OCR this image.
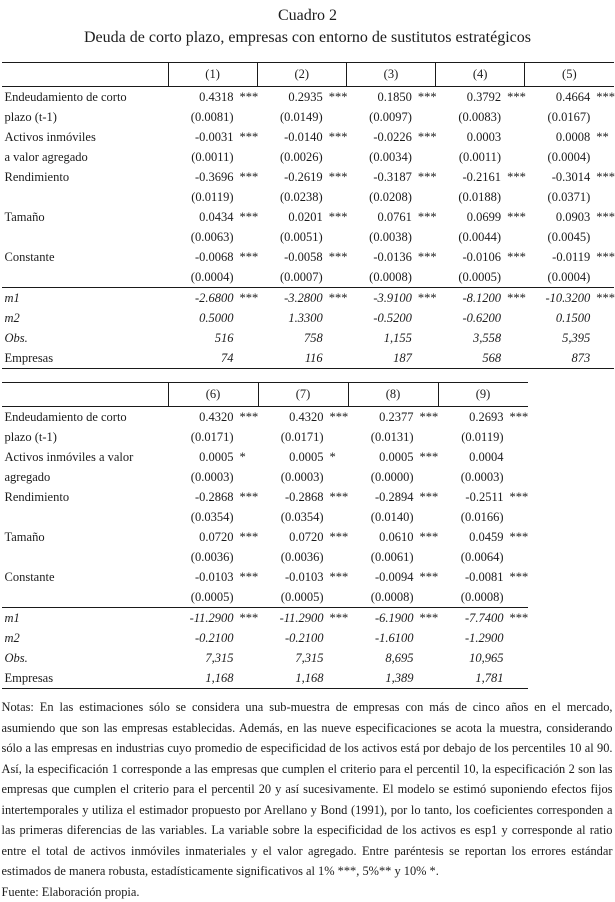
Cuadro 2
Deuda de corto plazo, empresas con entorno de sustitutos estratégicos
(1)	(2)	(3)	(4)	(5)
Endeudamiento de corto	0.4318 ***	0.2935 ***	0.1850 ***	0.3792 ***	0.4664 ***
plazo (t-1)	(0.0081)	(0.0149)	(0.0097)	(0.0083)	(0.0167)
Activos inmóviles	-0.0031 ***	-0.0140 ***	-0.0226 ***	0.0003	0.0008 **
a valor agregado	(0.0011)	(0.0026)	(0.0034)	(0.0011)	(0.0004)
Rendimiento	-0.3696 ***	-0.2619 ***	-0.3187 ***	-0.2161 ***	-0.3014 ***
(0.0119)	(0.0238)	(0.0208)	(0.0188)	(0.0371)
Tamaño	0.0434 ***	0.0201 ***	0.0761 ***	0.0699 ***	0.0903 ***
(0.0063)	(0.0051)	(0.0038)	(0.0044)	(0.0045)
Constante	-0.0068 ***	-0.0058 ***	-0.0136 ***	-0.0106 ***	-0.0119 ***
(0.0004)	(0.0007)	(0.0008)	(0.0005)	(0.0004)
m1	-2.6800 ***	-3.2800 ***	-3.9100 ***	-8.1200 ***	-10.3200 ***
m2	0.5000	1.3300	-0.5200	-0.6200	0.1500
Obs.	516	758	1,155	3,558	5,395
Empresas	74	116	187	568	873
(6)	(7)	(8)	(9)
Endeudamiento de corto	0.4320 ***	0.4320 ***	0.2377 ***	0.2693 ***
plazo (t-1)	(0.0171)	(0.0171)	(0.0131)	(0.0119)
Activos inmóviles a valor	0.0005 *	0.0005 *	0.0005 ***	0.0004
agregado	(0.0003)	(0.0003)	(0.0000)	(0.0003)
Rendimiento	-0.2868 ***	-0.2868 ***	-0.2894 ***	-0.2511 ***
(0.0354)	(0.0354)	(0.0140)	(0.0166)
Tamaño	0.0720 ***	0.0720 ***	0.0610 ***	0.0459 ***
(0.0036)	(0.0036)	(0.0061)	(0.0064)
Constante	-0.0103 ***	-0.0103 ***	-0.0094 ***	-0.0081 ***
(0.0005)	(0.0005)	(0.0008)	(0.0008)
m1	-11.2900 ***	-11.2900 ***	-6.1900 ***	-7.7400 ***
m2	-0.2100	-0.2100	-1.6100	-1.2900
Obs.	7,315	7,315	8,695	10,965
Empresas	1,168	1,168	1,389	1,781
Notas: En las estimaciones sólo se considera una sub-muestra de empresas con más de cinco años en el mercado, asumiendo que son las empresas establecidas. Además, en las nueve especificaciones se acota la muestra, considerando sólo a las empresas en industrias cuyo promedio de especificidad de los activos está por debajo de los percentiles 10 al 90. Así, la especificación 1 corresponde a las empresas que cumplen el criterio para el percentil 10, la especificación 2 son las empresas que cumplen el criterio para el percentil 20 y así sucesivamente. El modelo se estimó suponiendo efectos fijos intertemporales y utiliza el estimador propuesto por Arellano y Bond (1991), por lo tanto, los coeficientes corresponden a las primeras diferencias de las variables. La variable sobre la especificidad de los activos es esp1 y corresponde al ratio entre el total de activos inmóviles inmateriales y el valor agregado. Entre paréntesis se reportan los errores estándar estimados de manera robusta, estadísticamente significativos al 1% ***, 5%** y 10% *.
Fuente: Elaboración propia.
